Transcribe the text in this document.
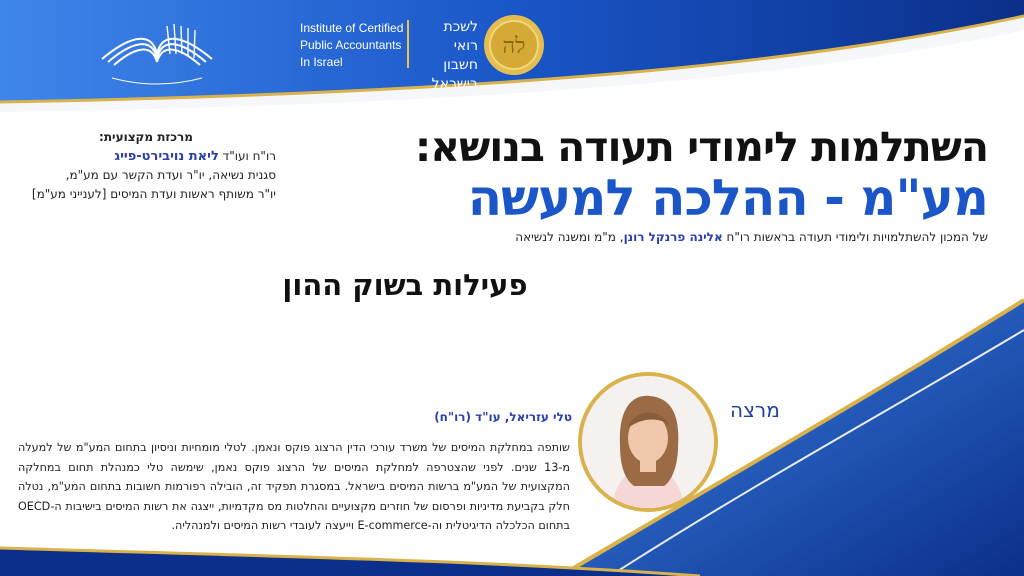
Institute of Certified
Public Accountants
In Israel
לשכת
רואי חשבון
בישראל
לה
מרכזת מקצועית:
רו"ח ועו"ד ליאת נויבירט-פייג
סגנית נשיאה, יו"ר ועדת הקשר עם מע"מ,
יו"ר משותף ראשות ועדת המיסים [לענייני מע"מ]
השתלמות לימודי תעודה בנושא:
מע"מ - ההלכה למעשה
של המכון להשתלמויות ולימודי תעודה בראשות רו"ח אלינה פרנקל רונן, מ"מ ומשנה לנשיאה
פעילות בשוק ההון
מרצה
טלי עזריאל, עו"ד (רו"ח)
שותפה במחלקת המיסים של משרד עורכי הדין הרצוג פוקס ונאמן. לטלי מומחיות וניסיון בתחום המע"מ של למעלה מ-13 שנים. לפני שהצטרפה למחלקת המיסים של הרצוג פוקס נאמן, שימשה טלי כמנהלת תחום במחלקה המקצועית של המע"מ ברשות המיסים בישראל. במסגרת תפקיד זה, הובילה רפורמות חשובות בתחום המע"מ, נטלה חלק בקביעת מדיניות ופרסום של חוזרים מקצועיים והחלטות מס מקדמיות, ייצגה את רשות המיסים בישיבות ה-OECD בתחום הכלכלה הדיגיטלית וה-E-commerce וייעצה לעובדי רשות המיסים ולמנהליה.
